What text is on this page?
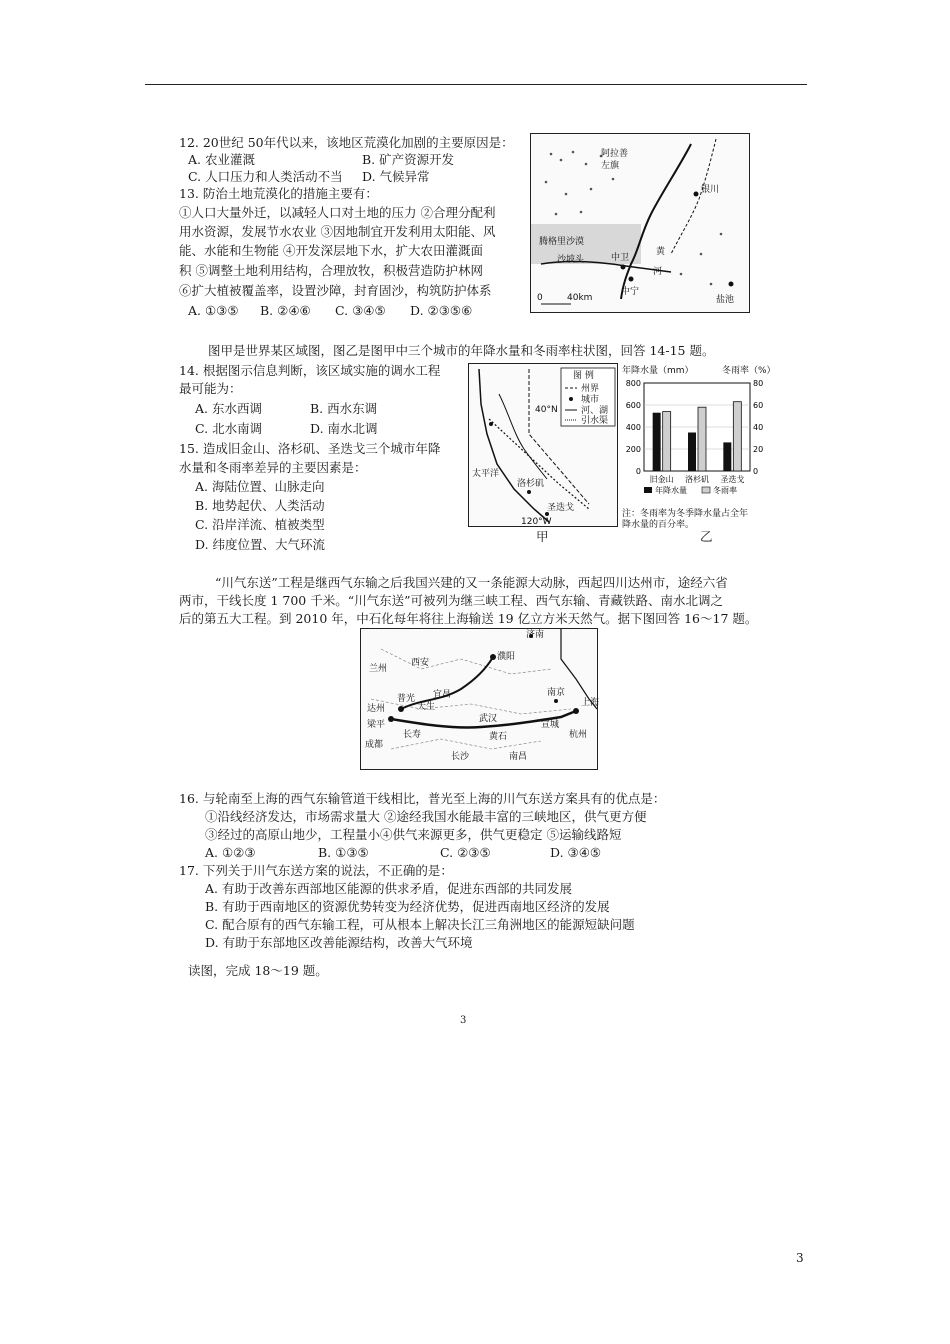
12. 20世纪 50年代以来，该地区荒漠化加剧的主要原因是：
A. 农业灌溉	B. 矿产资源开发
C. 人口压力和人类活动不当 D. 气候异常
13. 防治土地荒漠化的措施主要有：
①人口大量外迁，以减轻人口对土地的压力 ②合理分配利
用水资源，发展节水农业 ③因地制宜开发利用太阳能、风
能、水能和生物能 ④开发深层地下水，扩大农田灌溉面
积 ⑤调整土地利用结构，合理放牧，积极营造防护林网
⑥扩大植被覆盖率，设置沙障，封育固沙，构筑防护体系
A. ①③⑤ B. ②④⑥ C. ③④⑤ D. ②③⑤⑥
阿拉善
左旗
腾格里沙漠
沙坡头	中卫
黄
河
中宁
银川
盐池
0	40km
图甲是世界某区域图，图乙是图甲中三个城市的年降水量和冬雨率柱状图，回答 14-15 题。
14. 根据图示信息判断，该区域实施的调水工程
最可能为：
A. 东水西调	B. 西水东调
C. 北水南调	D. 南水北调
15. 造成旧金山、洛杉矶、圣迭戈三个城市年降
水量和冬雨率差异的主要因素是：
A. 海陆位置、山脉走向
B. 地势起伏、人类活动
C. 沿岸洋流、植被类型
D. 纬度位置、大气环流
图 例
州界
城市
河、湖
引水渠
40°N
太平洋
洛杉矶
圣迭戈
120°W
甲
年降水量（mm）	冬雨率（%）
0
200
400
600
800
0
20
40
60
80
旧金山 洛杉矶 圣迭戈
年降水量	冬雨率
注：冬雨率为冬季降水量占全年
降水量的百分率。
乙
“川气东送”工程是继西气东输之后我国兴建的又一条能源大动脉，西起四川达州市，途经六省
两市，干线长度 1 700 千米。“川气东送”可被列为继三峡工程、西气东输、青藏铁路、南水北调之
后的第五大工程。到 2010 年，中石化每年将往上海输送 19 亿立方米天然气。据下图回答 16～17 题。
兰州
西安
济南
濮阳
达州
普光
天生
梁平
成都
长寿
宜昌
武汉
南京
上海
宣城
杭州
黄石
长沙	南昌
16. 与轮南至上海的西气东输管道干线相比，普光至上海的川气东送方案具有的优点是：
①沿线经济发达，市场需求量大 ②途经我国水能最丰富的三峡地区，供气更方便
③经过的高原山地少，工程量小④供气来源更多，供气更稳定 ⑤运输线路短
A. ①②③	B. ①③⑤	C. ②③⑤	D. ③④⑤
17. 下列关于川气东送方案的说法，不正确的是：
A. 有助于改善东西部地区能源的供求矛盾，促进东西部的共同发展
B. 有助于西南地区的资源优势转变为经济优势，促进西南地区经济的发展
C. 配合原有的西气东输工程，可从根本上解决长江三角洲地区的能源短缺问题
D. 有助于东部地区改善能源结构，改善大气环境
读图，完成 18～19 题。
3
3
